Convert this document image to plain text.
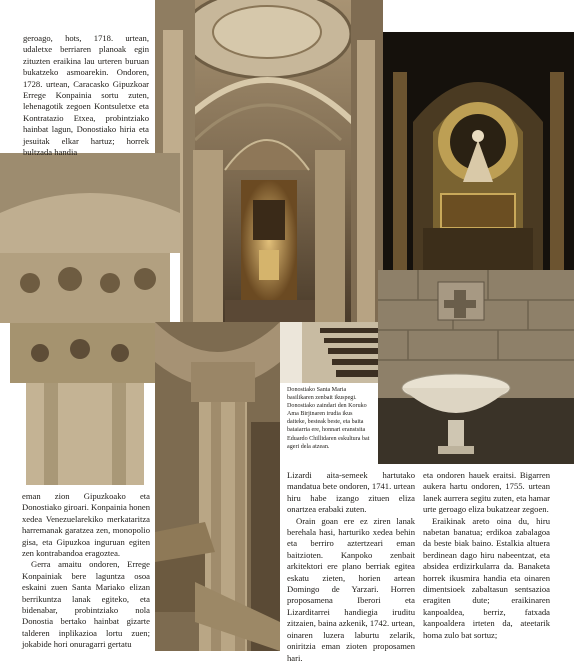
geroago, hots, 1718. urtean, udaletxe berriaren planoak egin zituzten eraikina lau urteren buruan bukatzeko asmoarekin. Ondoren, 1728. urtean, Caracasko Gipuzkoar Errege Konpainia sortu zuten, lehenagotik zegoen Kontsuletxe eta Kontratazio Etxea, probintziako hainbat lagun, Donostiako hiria eta jesuitak elkar hartuz; horrek bultzada handia

eman zion Gipuzkoako eta Donostiako giroari. Konpainia honen xedea Venezuelarekiko merkataritza harremanak garatzea zen, monopolio gisa, eta Gipuzkoa inguruan egiten zen kontrabandoa eragoztea.

Gerra amaitu ondoren, Errege Konpainiak bere laguntza osoa eskaini zuen Santa Mariako elizan berrikuntza lanak egiteko, eta bidenabar, probintziako nola Donostia bertako hainbat gizarte talderen inplikazioa lortu zuen; jokabide hori onuragarri gertatu

Lizardi aita-semeek hartutako mandatua bete ondoren, 1741. urtean hiru habe izango zituen eliza onartzea erabaki zuten.

Orain goan ere ez ziren lanak berehala hasi, harturiko xedea behin eta berriro aztertzeari eman baitzioten. Kanpoko zenbait arkitektori ere plano berriak egitea eskatu zieten, horien artean Domingo de Yarzari. Horren proposamena Iberori eta Lizarditarrei handiegia iruditu zitzaien, baina azkenik, 1742. urtean, oinaren luzera laburtu zelarik, oniritzia eman zioten proposamen hari.

eta ondoren hauek eraitsi. Bigarren aukera hartu ondoren, 1755. urtean lanek aurrera segitu zuten, eta hamar urte geroago eliza bukatzear zegoen.

Eraikinak areto oina du, hiru nabetan banatua; erdikoa zabalagoa da beste biak baino. Estalkia altuera berdinean dago hiru nabeentzat, eta absidea erdizirkularra da. Banaketa horrek ikusmira handia eta oinaren dimentsioek zabaltasun sentsazioa eragiten dute; eraikinaren kanpoaldea, berriz, fatxada kanpoaldera irteten da, ateetarik homa zulo bat sortuz;

Donostiako Santa Maria basilikaren zenbait ikuspegi. Donostiako zaindari den Koruko Ama Birjinaren irudia ikus daiteke, besteak beste, eta baita bataiarria ere, honnari eranstsita Eduardo Chillidaren eskultura bat ageri dela atzean.
